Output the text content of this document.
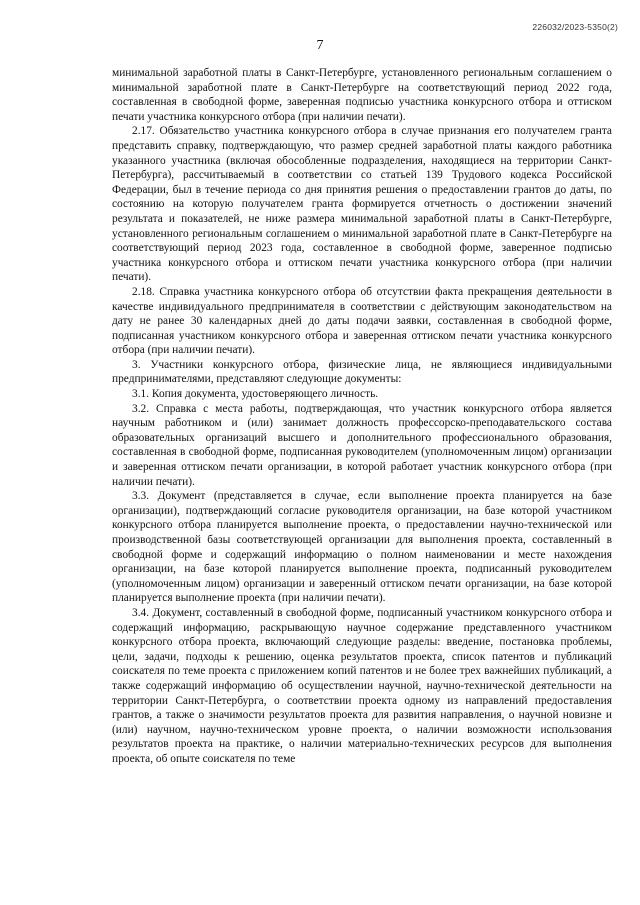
226032/2023-5350(2)
7

минимальной заработной платы в Санкт-Петербурге, установленного региональным соглашением о минимальной заработной плате в Санкт-Петербурге на соответствующий период 2022 года, составленная в свободной форме, заверенная подписью участника конкурсного отбора и оттиском печати участника конкурсного отбора (при наличии печати).

2.17. Обязательство участника конкурсного отбора в случае признания его получателем гранта представить справку, подтверждающую, что размер средней заработной платы каждого работника указанного участника (включая обособленные подразделения, находящиеся на территории Санкт-Петербурга), рассчитываемый в соответствии со статьей 139 Трудового кодекса Российской Федерации, был в течение периода со дня принятия решения о предоставлении грантов до даты, по состоянию на которую получателем гранта формируется отчетность о достижении значений результата и показателей, не ниже размера минимальной заработной платы в Санкт-Петербурге, установленного региональным соглашением о минимальной заработной плате в Санкт-Петербурге на соответствующий период 2023 года, составленное в свободной форме, заверенное подписью участника конкурсного отбора и оттиском печати участника конкурсного отбора (при наличии печати).

2.18. Справка участника конкурсного отбора об отсутствии факта прекращения деятельности в качестве индивидуального предпринимателя в соответствии с действующим законодательством на дату не ранее 30 календарных дней до даты подачи заявки, составленная в свободной форме, подписанная участником конкурсного отбора и заверенная оттиском печати участника конкурсного отбора (при наличии печати).

3. Участники конкурсного отбора, физические лица, не являющиеся индивидуальными предпринимателями, представляют следующие документы:

3.1. Копия документа, удостоверяющего личность.

3.2. Справка с места работы, подтверждающая, что участник конкурсного отбора является научным работником и (или) занимает должность профессорско-преподавательского состава образовательных организаций высшего и дополнительного профессионального образования, составленная в свободной форме, подписанная руководителем (уполномоченным лицом) организации и заверенная оттиском печати организации, в которой работает участник конкурсного отбора (при наличии печати).

3.3. Документ (представляется в случае, если выполнение проекта планируется на базе организации), подтверждающий согласие руководителя организации, на базе которой участником конкурсного отбора планируется выполнение проекта, о предоставлении научно-технической или производственной базы соответствующей организации для выполнения проекта, составленный в свободной форме и содержащий информацию о полном наименовании и месте нахождения организации, на базе которой планируется выполнение проекта, подписанный руководителем (уполномоченным лицом) организации и заверенный оттиском печати организации, на базе которой планируется выполнение проекта (при наличии печати).

3.4. Документ, составленный в свободной форме, подписанный участником конкурсного отбора и содержащий информацию, раскрывающую научное содержание представленного участником конкурсного отбора проекта, включающий следующие разделы: введение, постановка проблемы, цели, задачи, подходы к решению, оценка результатов проекта, список патентов и публикаций соискателя по теме проекта с приложением копий патентов и не более трех важнейших публикаций, а также содержащий информацию об осуществлении научной, научно-технической деятельности на территории Санкт-Петербурга, о соответствии проекта одному из направлений предоставления грантов, а также о значимости результатов проекта для развития направления, о научной новизне и (или) научном, научно-техническом уровне проекта, о наличии возможности использования результатов проекта на практике, о наличии материально-технических ресурсов для выполнения проекта, об опыте соискателя по теме
